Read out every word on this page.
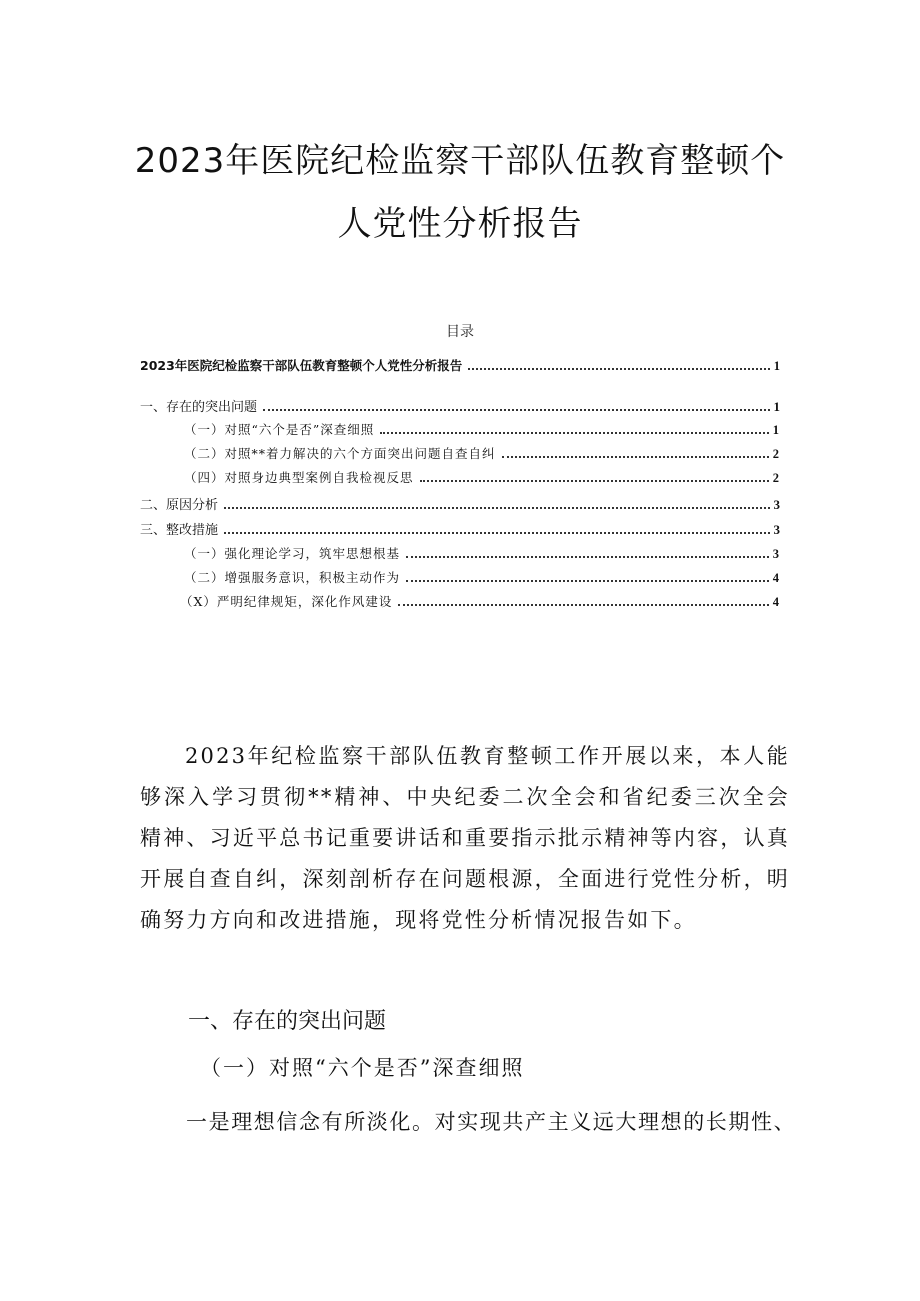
2023年医院纪检监察干部队伍教育整顿个
人党性分析报告
目录
2023年医院纪检监察干部队伍教育整顿个人党性分析报告	1
一、存在的突出问题	1
（一）对照“六个是否”深查细照	1
（二）对照**着力解决的六个方面突出问题自查自纠	2
（四）对照身边典型案例自我检视反思	2
二、原因分析	3
三、整改措施	3
（一）强化理论学习，筑牢思想根基	3
（二）增强服务意识，积极主动作为	4
（X）严明纪律规矩，深化作风建设	4

2023年纪检监察干部队伍教育整顿工作开展以来，本人能够深入学习贯彻**精神、中央纪委二次全会和省纪委三次全会精神、习近平总书记重要讲话和重要指示批示精神等内容，认真开展自查自纠，深刻剖析存在问题根源，全面进行党性分析，明确努力方向和改进措施，现将党性分析情况报告如下。

一、存在的突出问题
（一）对照“六个是否”深查细照
一是理想信念有所淡化。对实现共产主义远大理想的长期性、
